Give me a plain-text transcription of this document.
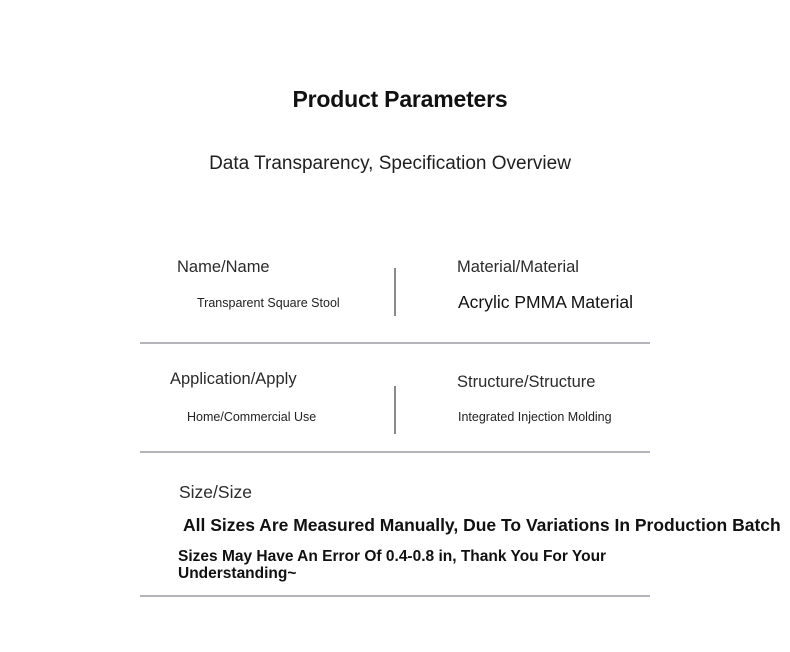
Product Parameters
Data Transparency, Specification Overview
Name/Name
Transparent Square Stool
Material/Material
Acrylic PMMA Material
Application/Apply
Home/Commercial Use
Structure/Structure
Integrated Injection Molding
Size/Size
All Sizes Are Measured Manually, Due To Variations In Production Batch
Sizes May Have An Error Of 0.4-0.8 in, Thank You For Your Understanding~
